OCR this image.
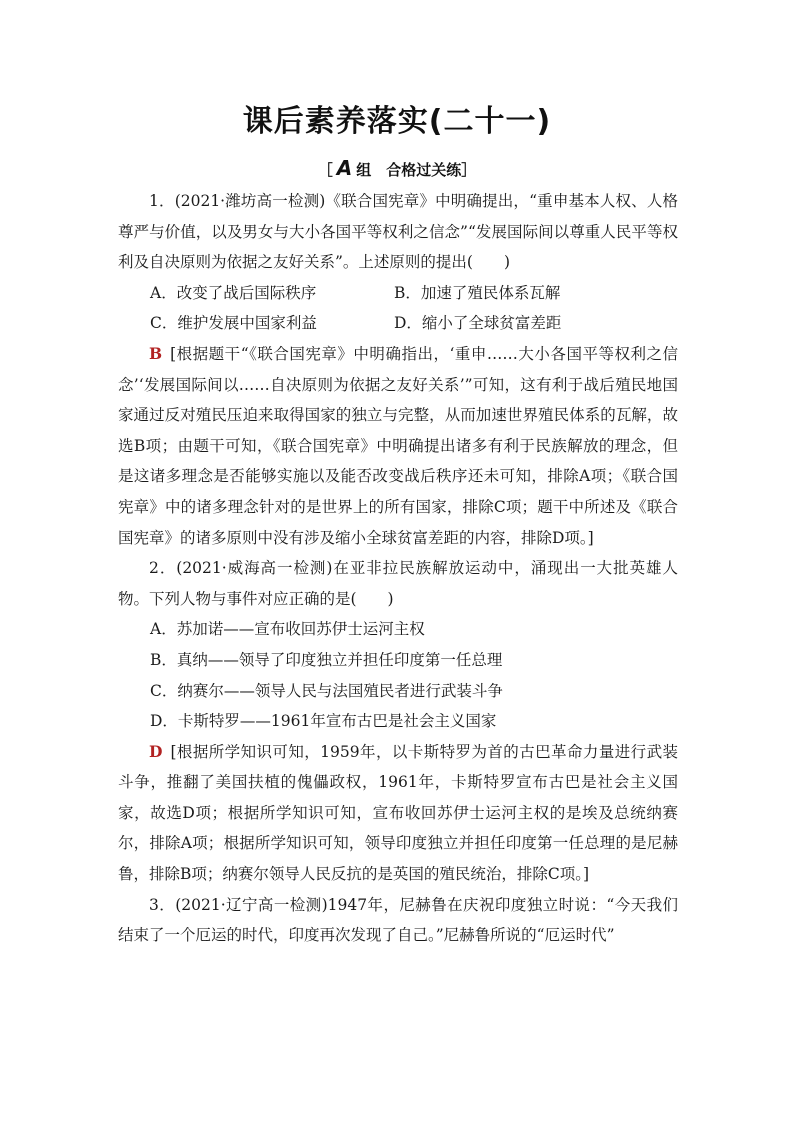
课后素养落实(二十一)
［ A 组　合格过关练］

1．(2021·潍坊高一检测)《联合国宪章》中明确提出，“重申基本人权、人格尊严与价值，以及男女与大小各国平等权利之信念”“发展国际间以尊重人民平等权利及自决原则为依据之友好关系”。上述原则的提出(　　)

A．改变了战后国际秩序	B．加速了殖民体系瓦解
C．维护发展中国家利益	D．缩小了全球贫富差距

B [根据题干“《联合国宪章》中明确指出，‘重申……大小各国平等权利之信念’‘发展国际间以……自决原则为依据之友好关系’”可知，这有利于战后殖民地国家通过反对殖民压迫来取得国家的独立与完整，从而加速世界殖民体系的瓦解，故选B项；由题干可知，《联合国宪章》中明确提出诸多有利于民族解放的理念，但是这诸多理念是否能够实施以及能否改变战后秩序还未可知，排除A项；《联合国宪章》中的诸多理念针对的是世界上的所有国家，排除C项；题干中所述及《联合国宪章》的诸多原则中没有涉及缩小全球贫富差距的内容，排除D项。]

2．(2021·威海高一检测)在亚非拉民族解放运动中，涌现出一大批英雄人物。下列人物与事件对应正确的是(　　)

A．苏加诺——宣布收回苏伊士运河主权
B．真纳——领导了印度独立并担任印度第一任总理
C．纳赛尔——领导人民与法国殖民者进行武装斗争
D．卡斯特罗——1961年宣布古巴是社会主义国家

D [根据所学知识可知，1959年，以卡斯特罗为首的古巴革命力量进行武装斗争，推翻了美国扶植的傀儡政权，1961年，卡斯特罗宣布古巴是社会主义国家，故选D项；根据所学知识可知，宣布收回苏伊士运河主权的是埃及总统纳赛尔，排除A项；根据所学知识可知，领导印度独立并担任印度第一任总理的是尼赫鲁，排除B项；纳赛尔领导人民反抗的是英国的殖民统治，排除C项。]

3．(2021·辽宁高一检测)1947年，尼赫鲁在庆祝印度独立时说：“今天我们结束了一个厄运的时代，印度再次发现了自己。”尼赫鲁所说的“厄运时代”
